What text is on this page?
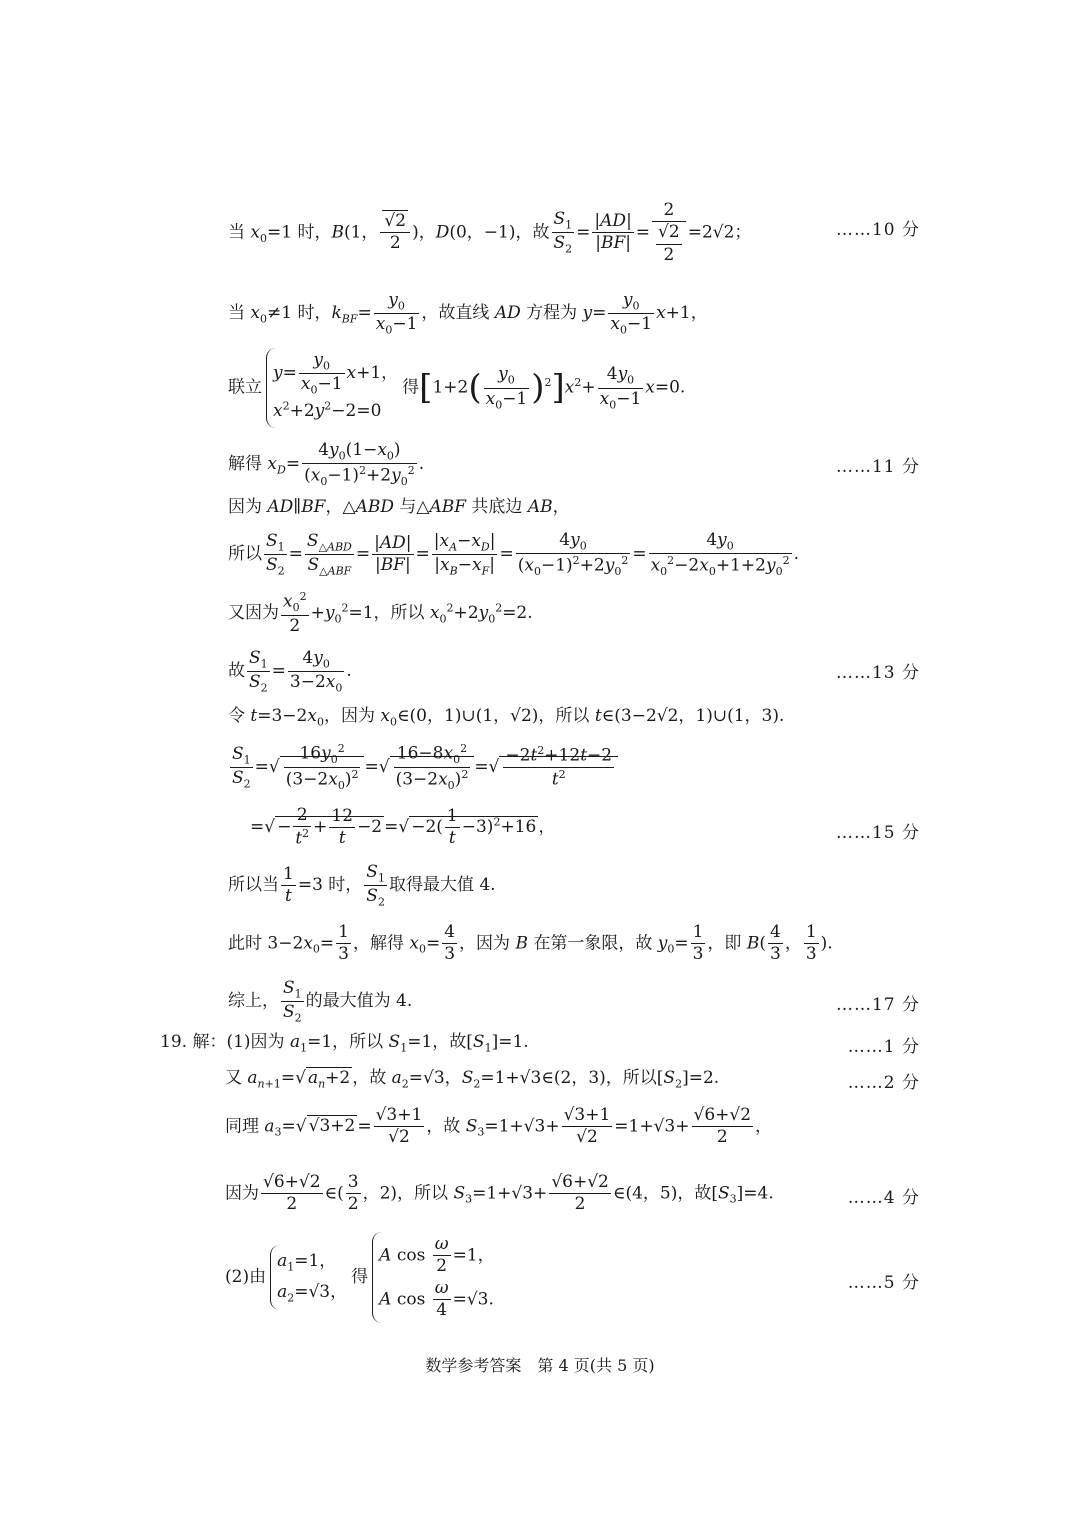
当 $x_0=1$ 时，B(1， $\frac{√2}{2}$ )，D(0，−1)，故 $\frac{S_1}{S_2} = \frac{|AD|}{|BF|} = \frac{2}{\frac{√2}{2}} =2√2$；	……10 分
当 $x_0\ne 1$ 时，$k_{BF}= \frac{y_0}{x_0-1}$ ，故直线 AD 方程为 $y= \frac{y_0}{x_0-1} x+1$，
联立
$y= \frac{y_0}{x_0-1} x+1$，
$x^2+2y^2-2=0$
得$[1+2( \frac{y_0}{x_0-1} )^2]x^2+ \frac{4y_0}{x_0-1} x=0$.
解得 $x_D= \frac{4y_0(1-x_0)}{(x_0-1)^2+2y_0^2}$ .	……11 分
因为 AD∥BF，△ABD 与△ABF 共底边 AB，
所以 $\frac{S_1}{S_2} = \frac{S_{\triangle ABD}}{S_{\triangle ABF}} = \frac{|AD|}{|BF|} = \frac{|x_A-x_D|}{|x_B-x_F|} = \frac{4y_0}{(x_0-1)^2+2y_0^2} = \frac{4y_0}{x_0^2-2x_0+1+2y_0^2}$ .
又因为 $\frac{x_0^2}{2} +y_0^2=1$，所以 $x_0^2+2y_0^2=2$.
故 $\frac{S_1}{S_2} = \frac{4y_0}{3-2x_0}$ .	……13 分
令 $t=3-2x_0$，因为 $x_0\in(0$，1)∪(1，√2)，所以 t∈(3−2√2，1)∪(1，3).
$\frac{S_1}{S_2}$ =√ $\frac{16y_0^2}{(3-2x_0)^2}$ =√ $\frac{16-8x_0^2}{(3-2x_0)^2}$ =√ $\frac{-2t^2+12t-2}{t^2}$
=√ − $\frac{2}{t^2} + \frac{12}{t} -2$ =√ $-2( \frac{1}{t} -3)^2+16$ ，	……15 分
所以当 $\frac{1}{t} =3$ 时， $\frac{S_1}{S_2}$ 取得最大值 4.
此时 $3-2x_0= \frac{1}{3}$ ，解得 $x_0= \frac{4}{3}$ ，因为 B 在第一象限，故 $y_0= \frac{1}{3}$ ，即 $B( \frac{4}{3}$ ， $\frac{1}{3}$ ).
综上， $\frac{S_1}{S_2}$ 的最大值为 4.	……17 分
19. 解：(1)因为 $a_1=1$，所以 $S_1=1$，故$[S_1]=1$.	……1 分
又 $a_{n+1}=√$ $a_n+2$ ，故 $a_2=√3$，$S_2=1+√3\in(2$，3)，所以$[S_2]=2$.	……2 分
同理 $a_3=√$ $√3+2 = \frac{√3+1}{√2}$ ，故 $S_3=1+√3+ \frac{√3+1}{√2} =1+√3+ \frac{√6+√2}{2}$ ，
因为 $\frac{√6+√2}{2}$ ∈( $\frac{3}{2}$ ，2)，所以 $S_3=1+√3+ \frac{√6+√2}{2}$ ∈(4，5)，故$[S_3]=4$.	……4 分
(2)由
$a_1=1$，
$a_2=√3$，
得
A $\cos \frac{\omega}{2} =1$，
A $\cos \frac{\omega}{4} =√3$.
……5 分
数学参考答案　第 4 页(共 5 页)
